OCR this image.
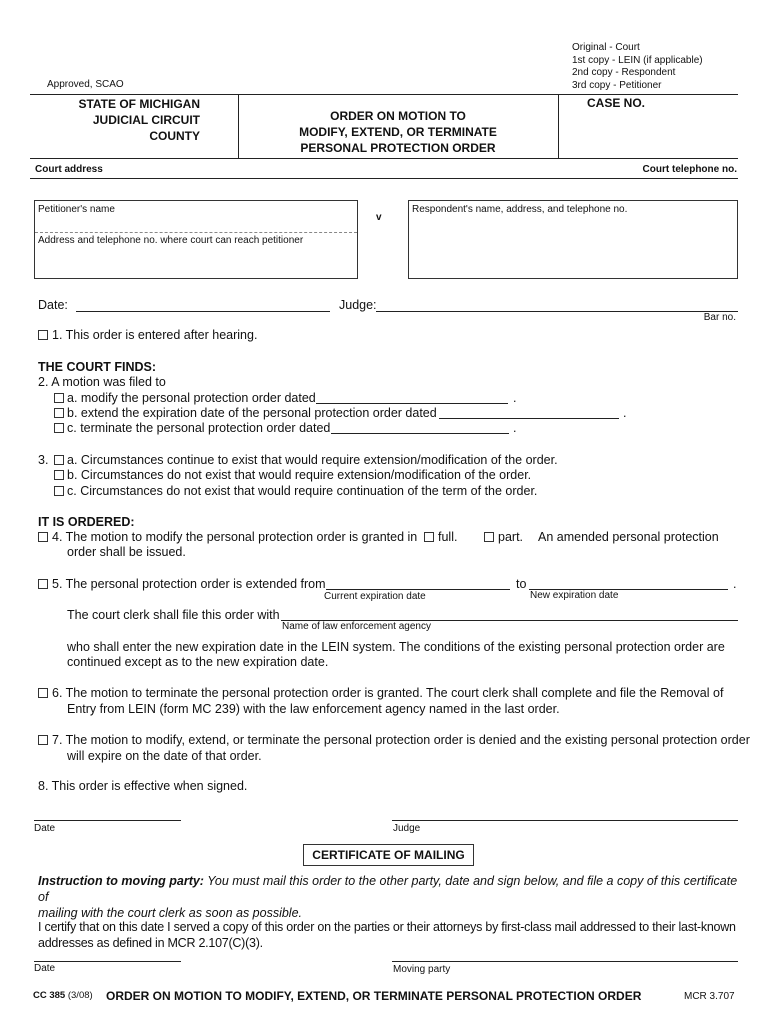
Original - Court
1st copy - LEIN (if applicable)
2nd copy - Respondent
3rd copy - Petitioner
Approved, SCAO
STATE OF MICHIGAN
JUDICIAL CIRCUIT
COUNTY
ORDER ON MOTION TO
MODIFY, EXTEND, OR TERMINATE
PERSONAL PROTECTION ORDER
CASE NO.
Court address	Court telephone no.
Petitioner's name
Address and telephone no. where court can reach petitioner
v
Respondent's name, address, and telephone no.
Date:	Judge:
Bar no.
1. This order is entered after hearing.
THE COURT FINDS:
2. A motion was filed to
a. modify the personal protection order dated	.
b. extend the expiration date of the personal protection order dated	.
c. terminate the personal protection order dated	.
3. a. Circumstances continue to exist that would require extension/modification of the order.
b. Circumstances do not exist that would require extension/modification of the order.
c. Circumstances do not exist that would require continuation of the term of the order.
IT IS ORDERED:
4. The motion to modify the personal protection order is granted in full.	part. An amended personal protection
order shall be issued.
5. The personal protection order is extended from	to	.
Current expiration date	New expiration date
The court clerk shall file this order with
Name of law enforcement agency
who shall enter the new expiration date in the LEIN system. The conditions of the existing personal protection order are
continued except as to the new expiration date.
6. The motion to terminate the personal protection order is granted. The court clerk shall complete and file the Removal of
Entry from LEIN (form MC 239) with the law enforcement agency named in the last order.
7. The motion to modify, extend, or terminate the personal protection order is denied and the existing personal protection order
will expire on the date of that order.
8. This order is effective when signed.
Date	Judge
CERTIFICATE OF MAILING
Instruction to moving party: You must mail this order to the other party, date and sign below, and file a copy of this certificate of
mailing with the court clerk as soon as possible.
I certify that on this date I served a copy of this order on the parties or their attorneys by first-class mail addressed to their last-known
addresses as defined in MCR 2.107(C)(3).
Date	Moving party
CC 385 (3/08) ORDER ON MOTION TO MODIFY, EXTEND, OR TERMINATE PERSONAL PROTECTION ORDER	MCR 3.707
